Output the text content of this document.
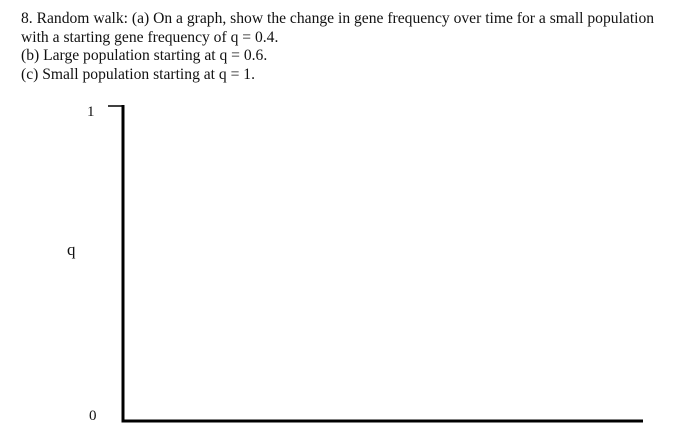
8. Random walk: (a) On a graph, show the change in gene frequency over time for a small population
with a starting gene frequency of q = 0.4.
(b) Large population starting at q = 0.6.
(c) Small population starting at q = 1.
1
0
q
